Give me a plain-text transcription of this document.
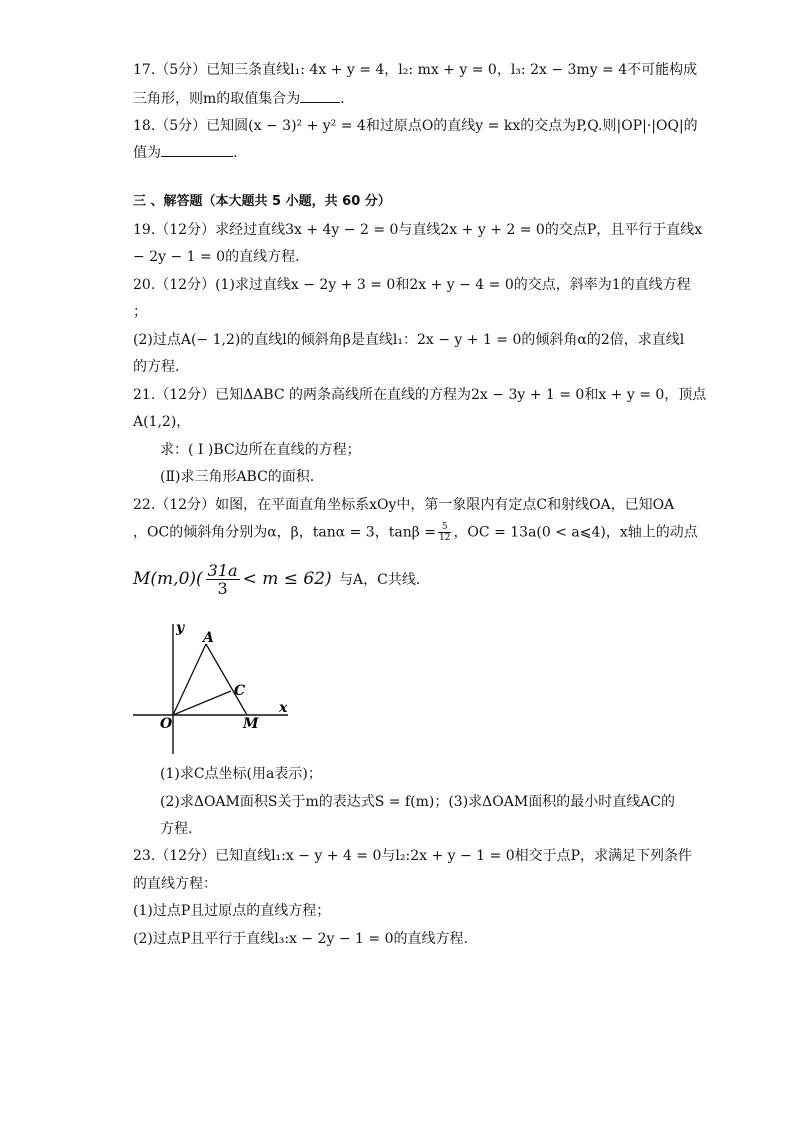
17.（5分）已知三条直线l₁: 4x + y = 4，l₂: mx + y = 0，l₃: 2x − 3my = 4不可能构成
三角形，则m的取值集合为	.
18.（5分）已知圆(x − 3)² + y² = 4和过原点O的直线y = kx的交点为P,Q.则|OP|·|OQ|的
值为	.
三 、解答题（本大题共 5 小题，共 60 分）
19.（12分）求经过直线3x + 4y − 2 = 0与直线2x + y + 2 = 0的交点P，且平行于直线x
− 2y − 1 = 0的直线方程.
20.（12分）(1)求过直线x − 2y + 3 = 0和2x + y − 4 = 0的交点，斜率为1的直线方程
；
(2)过点A(− 1,2)的直线l的倾斜角β是直线l₁：2x − y + 1 = 0的倾斜角α的2倍，求直线l
的方程.
21.（12分）已知ΔABC 的两条高线所在直线的方程为2x − 3y + 1 = 0和x + y = 0，顶点
A(1,2)，
求：( I )BC边所在直线的方程；
(Ⅱ)求三角形ABC的面积.
22.（12分）如图，在平面直角坐标系xOy中，第一象限内有定点C和射线OA，已知OA
，OC的倾斜角分别为α，β，tanα = 3，$\tan\beta = \frac{5}{12}$ ，OC = 13a(0 < a⩽4)，x轴上的动点
$M(m,0)( \frac{31a}{3} < m \le 62)$ 与A，C共线.
y
x
A
C
O	M
(1)求C点坐标(用a表示)；
(2)求ΔOAM面积S关于m的表达式S = f(m)；(3)求ΔOAM面积的最小时直线AC的
方程.
23.（12分）已知直线l₁:x − y + 4 = 0与l₂:2x + y − 1 = 0相交于点P，求满足下列条件
的直线方程：
(1)过点P且过原点的直线方程；
(2)过点P且平行于直线l₃:x − 2y − 1 = 0的直线方程.
